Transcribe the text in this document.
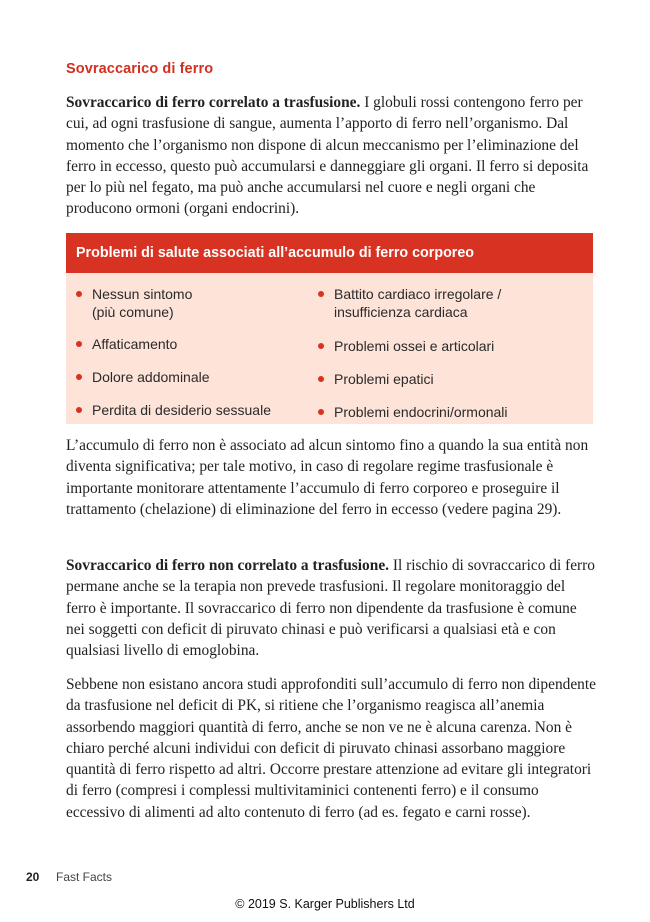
Sovraccarico di ferro

Sovraccarico di ferro correlato a trasfusione. I globuli rossi contengono ferro per cui, ad ogni trasfusione di sangue, aumenta l’apporto di ferro nell’organismo. Dal momento che l’organismo non dispone di alcun meccanismo per l’eliminazione del ferro in eccesso, questo può accumularsi e danneggiare gli organi. Il ferro si deposita per lo più nel fegato, ma può anche accumularsi nel cuore e negli organi che producono ormoni (organi endocrini).

Problemi di salute associati all’accumulo di ferro corporeo
Nessun sintomo
(più comune)
Affaticamento
Dolore addominale
Perdita di desiderio sessuale
Battito cardiaco irregolare /
insufficienza cardiaca
Problemi ossei e articolari
Problemi epatici
Problemi endocrini/ormonali

L’accumulo di ferro non è associato ad alcun sintomo fino a quando la sua entità non diventa significativa; per tale motivo, in caso di regolare regime trasfusionale è importante monitorare attentamente l’accumulo di ferro corporeo e proseguire il trattamento (chelazione) di eliminazione del ferro in eccesso (vedere pagina 29).

Sovraccarico di ferro non correlato a trasfusione. Il rischio di sovraccarico di ferro permane anche se la terapia non prevede trasfusioni. Il regolare monitoraggio del ferro è importante. Il sovraccarico di ferro non dipendente da trasfusione è comune nei soggetti con deficit di piruvato chinasi e può verificarsi a qualsiasi età e con qualsiasi livello di emoglobina.

Sebbene non esistano ancora studi approfonditi sull’accumulo di ferro non dipendente da trasfusione nel deficit di PK, si ritiene che l’organismo reagisca all’anemia assorbendo maggiori quantità di ferro, anche se non ve ne è alcuna carenza. Non è chiaro perché alcuni individui con deficit di piruvato chinasi assorbano maggiore quantità di ferro rispetto ad altri. Occorre prestare attenzione ad evitare gli integratori di ferro (compresi i complessi multivitaminici contenenti ferro) e il consumo eccessivo di alimenti ad alto contenuto di ferro (ad es. fegato e carni rosse).

20 Fast Facts
© 2019 S. Karger Publishers Ltd
